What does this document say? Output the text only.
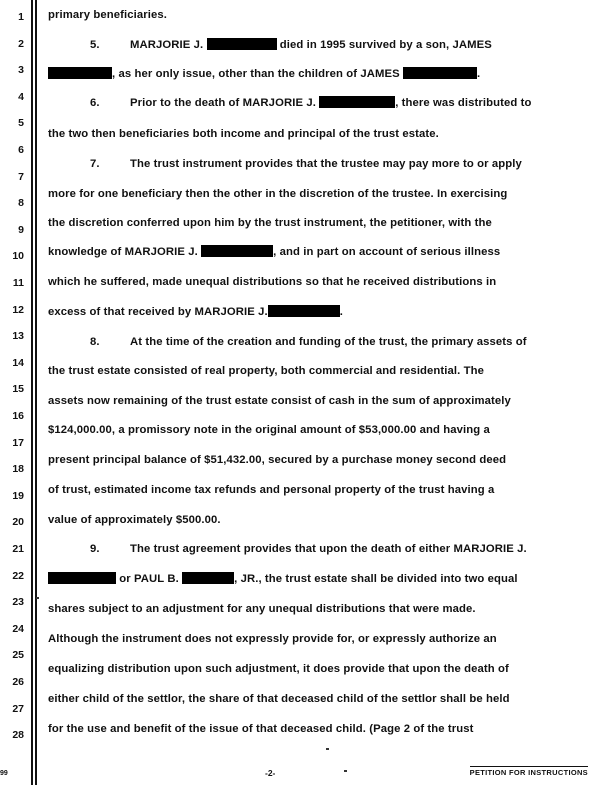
1
2
3
4
5
6
7
8
9
10
11
12
13
14
15
16
17
18
19
20
21
22
23
24
25
26
27
28
primary beneficiaries.
5.	MARJORIE J.	died in 1995 survived by a son, JAMES
, as her only issue, other than the children of JAMES	.
6.	Prior to the death of MARJORIE J.	, there was distributed to
the two then beneficiaries both income and principal of the trust estate.
7.	The trust instrument provides that the trustee may pay more to or apply
more for one beneficiary then the other in the discretion of the trustee. In exercising
the discretion conferred upon him by the trust instrument, the petitioner, with the
knowledge of MARJORIE J.	, and in part on account of serious illness
which he suffered, made unequal distributions so that he received distributions in
excess of that received by MARJORIE J.	.
8.	At the time of the creation and funding of the trust, the primary assets of
the trust estate consisted of real property, both commercial and residential. The
assets now remaining of the trust estate consist of cash in the sum of approximately
$124,000.00, a promissory note in the original amount of $53,000.00 and having a
present principal balance of $51,432.00, secured by a purchase money second deed
of trust, estimated income tax refunds and personal property of the trust having a
value of approximately $500.00.
9.	The trust agreement provides that upon the death of either MARJORIE J.
or PAUL B.	, JR., the trust estate shall be divided into two equal
shares subject to an adjustment for any unequal distributions that were made.
Although the instrument does not expressly provide for, or expressly authorize an
equalizing distribution upon such adjustment, it does provide that upon the death of
either child of the settlor, the share of that deceased child of the settlor shall be held
for the use and benefit of the issue of that deceased child. (Page 2 of the trust
99	-2-	PETITION FOR INSTRUCTIONS
